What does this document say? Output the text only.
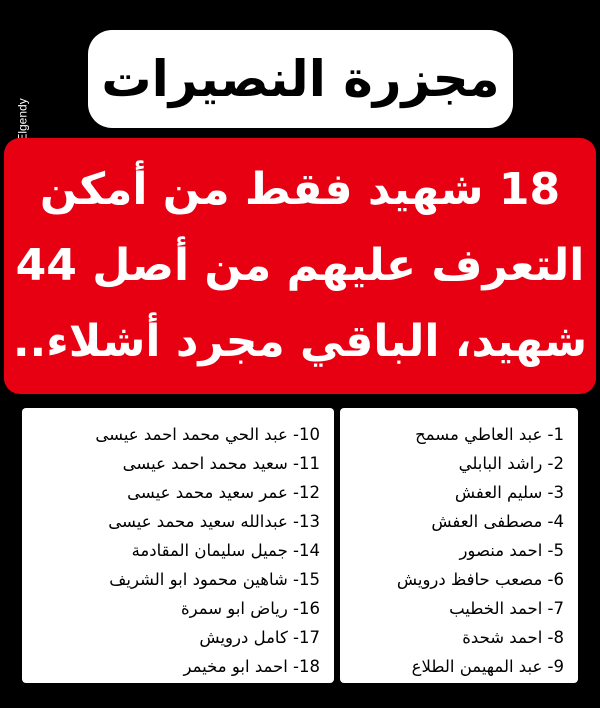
مجزرة النصيرات
18 شهيد فقط من أمكن
التعرف عليهم من أصل 44
شهيد، الباقي مجرد أشلاء..
10- عبد الحي محمد احمد عيسى
11- سعيد محمد احمد عيسى
12- عمر سعيد محمد عيسى
13- عبدالله سعيد محمد عيسى
14- جميل سليمان المقادمة
15- شاهين محمود ابو الشريف
16- رياض ابو سمرة
17- كامل درويش
18- احمد ابو مخيمر
1- عبد العاطي مسمح
2- راشد البابلي
3- سليم العفش
4- مصطفى العفش
5- احمد منصور
6- مصعب حافظ درويش
7- احمد الخطيب
8- احمد شحدة
9- عبد المهيمن الطلاع
